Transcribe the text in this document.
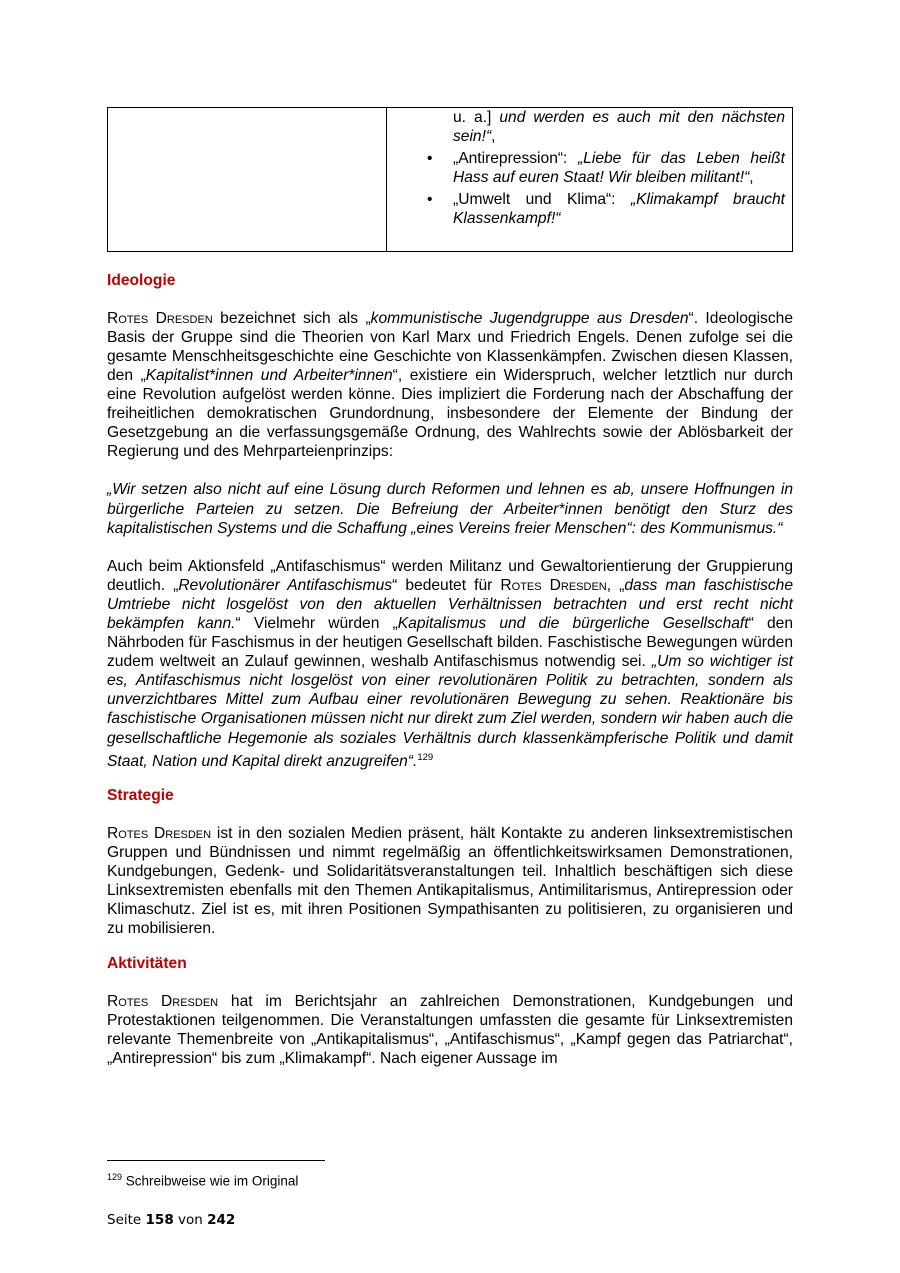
u. a.] und werden es auch mit den nächsten sein!“,
• „Antirepression“: „Liebe für das Leben heißt Hass auf euren Staat! Wir bleiben militant!“,
• „Umwelt und Klima“: „Klimakampf braucht Klassenkampf!“
Ideologie

Rotes Dresden bezeichnet sich als „kommunistische Jugendgruppe aus Dresden“. Ideologische Basis der Gruppe sind die Theorien von Karl Marx und Friedrich Engels. Denen zufolge sei die gesamte Menschheitsgeschichte eine Geschichte von Klassenkämpfen. Zwischen diesen Klassen, den „Kapitalist*innen und Arbeiter*innen“, existiere ein Widerspruch, welcher letztlich nur durch eine Revolution aufgelöst werden könne. Dies impliziert die Forderung nach der Abschaffung der freiheitlichen demokratischen Grundordnung, insbesondere der Elemente der Bindung der Gesetzgebung an die verfassungsgemäße Ordnung, des Wahlrechts sowie der Ablösbarkeit der Regierung und des Mehrparteienprinzips:

„Wir setzen also nicht auf eine Lösung durch Reformen und lehnen es ab, unsere Hoffnungen in bürgerliche Parteien zu setzen. Die Befreiung der Arbeiter*innen benötigt den Sturz des kapitalistischen Systems und die Schaffung „eines Vereins freier Menschen“: des Kommunismus.“

Auch beim Aktionsfeld „Antifaschismus“ werden Militanz und Gewaltorientierung der Gruppierung deutlich. „Revolutionärer Antifaschismus“ bedeutet für Rotes Dresden, „dass man faschistische Umtriebe nicht losgelöst von den aktuellen Verhältnissen betrachten und erst recht nicht bekämpfen kann.“ Vielmehr würden „Kapitalismus und die bürgerliche Gesellschaft“ den Nährboden für Faschismus in der heutigen Gesellschaft bilden. Faschistische Bewegungen würden zudem weltweit an Zulauf gewinnen, weshalb Antifaschismus notwendig sei. „Um so wichtiger ist es, Antifaschismus nicht losgelöst von einer revolutionären Politik zu betrachten, sondern als unverzichtbares Mittel zum Aufbau einer revolutionären Bewegung zu sehen. Reaktionäre bis faschistische Organisationen müssen nicht nur direkt zum Ziel werden, sondern wir haben auch die gesellschaftliche Hegemonie als soziales Verhältnis durch klassenkämpferische Politik und damit Staat, Nation und Kapital direkt anzugreifen“.$^{129}$

Strategie

Rotes Dresden ist in den sozialen Medien präsent, hält Kontakte zu anderen linksextremistischen Gruppen und Bündnissen und nimmt regelmäßig an öffentlichkeitswirksamen Demonstrationen, Kundgebungen, Gedenk- und Solidaritätsveranstaltungen teil. Inhaltlich beschäftigen sich diese Linksextremisten ebenfalls mit den Themen Antikapitalismus, Antimilitarismus, Antirepression oder Klimaschutz. Ziel ist es, mit ihren Positionen Sympathisanten zu politisieren, zu organisieren und zu mobilisieren.

Aktivitäten

Rotes Dresden hat im Berichtsjahr an zahlreichen Demonstrationen, Kundgebungen und Protestaktionen teilgenommen. Die Veranstaltungen umfassten die gesamte für Linksextremisten relevante Themenbreite von „Antikapitalismus“, „Antifaschismus“, „Kampf gegen das Patriarchat“, „Antirepression“ bis zum „Klimakampf“. Nach eigener Aussage im

$^{129}$ Schreibweise wie im Original
Seite 158 von 242
